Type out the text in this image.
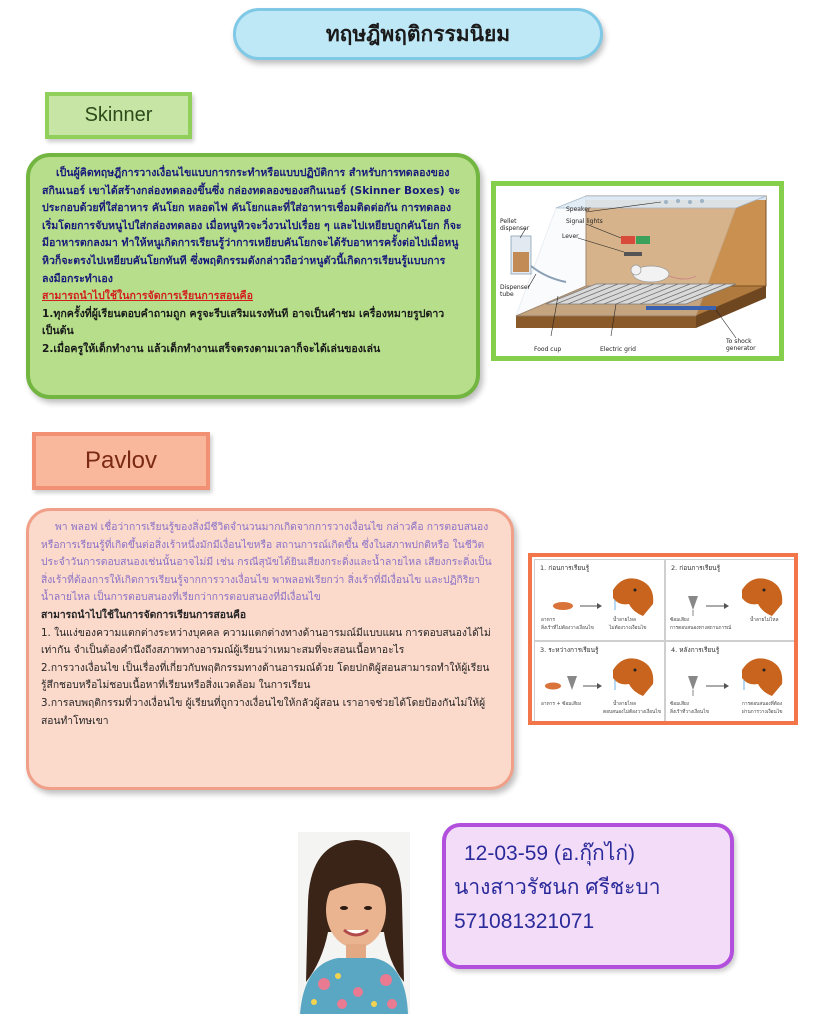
ทฤษฎีพฤติกรรมนิยม
Skinner

เป็นผู้คิดทฤษฎีการวางเงื่อนไขแบบการกระทำหรือแบบปฏิบัติการ สำหรับการทดลองของสกินเนอร์ เขาได้สร้างกล่องทดลองขึ้นซึ่ง กล่องทดลองของสกินเนอร์ (Skinner Boxes) จะประกอบด้วยที่ใส่อาหาร คันโยก หลอดไฟ คันโยกและที่ใส่อาหารเชื่อมติดต่อกัน การทดลองเริ่มโดยการจับหนูไปใส่กล่องทดลอง เมื่อหนูหิวจะวิ่งวนไปเรื่อย ๆ และไปเหยียบถูกคันโยก ก็จะมีอาหารตกลงมา ทำให้หนูเกิดการเรียนรู้ว่าการเหยียบคันโยกจะได้รับอาหารครั้งต่อไปเมื่อหนูหิวก็จะตรงไปเหยียบคันโยกทันที ซึ่งพฤติกรรมดังกล่าวถือว่าหนูตัวนี้เกิดการเรียนรู้แบบการลงมือกระทำเอง

สามารถนำไปใช้ในการจัดการเรียนการสอนคือ

1.ทุกครั้งที่ผู้เรียนตอบคำถามถูก ครูจะรีบเสริมแรงทันที อาจเป็นคำชม เครื่องหมายรูปดาว เป็นต้น

2.เมื่อครูให้เด็กทำงาน แล้วเด็กทำงานเสร็จตรงตามเวลาก็จะได้เล่นของเล่น

Speaker
Signal lights
Lever
Pellet dispenser
Dispenser tube
Food cup	Electric grid
To shock generator
Pavlov

พา พลอฟ เชื่อว่าการเรียนรู้ของสิ่งมีชีวิตจำนวนมากเกิดจากการวางเงื่อนไข กล่าวคือ การตอบสนองหรือการเรียนรู้ที่เกิดขึ้นต่อสิ่งเร้าหนึ่งมักมีเงื่อนไขหรือ สถานการณ์เกิดขึ้น ซึ่งในสภาพปกติหรือ ในชีวิตประจำวันการตอบสนองเช่นนั้นอาจไม่มี เช่น กรณีสุนัขได้ยินเสียงกระดิ่งและน้ำลายไหล เสียงกระดิ่งเป็นสิ่งเร้าที่ต้องการให้เกิดการเรียนรู้จากการวางเงื่อนไข พาพลอฟเรียกว่า สิ่งเร้าที่มีเงื่อนไข และปฏิกิริยาน้ำลายไหล เป็นการตอบสนองที่เรียกว่าการตอบสนองที่มีเงื่อนไข

สามารถนำไปใช้ในการจัดการเรียนการสอนคือ

1. ในแง่ของความแตกต่างระหว่างบุคคล ความแตกต่างทางด้านอารมณ์มีแบบแผน การตอบสนองได้ไม่เท่ากัน จำเป็นต้องคำนึงถึงสภาพทางอารมณ์ผู้เรียนว่าเหมาะสมที่จะสอนเนื้อหาอะไร

2.การวางเงื่อนไข เป็นเรื่องที่เกี่ยวกับพฤติกรรมทางด้านอารมณ์ด้วย โดยปกติผู้สอนสามารถทำให้ผู้เรียนรู้สึกชอบหรือไม่ชอบเนื้อหาที่เรียนหรือสิ่งแวดล้อม ในการเรียน

3.การลบพฤติกรรมที่วางเงื่อนไข ผู้เรียนที่ถูกวางเงื่อนไขให้กลัวผู้สอน เราอาจช่วยได้โดยป้องกันไม่ให้ผู้สอนทำโทษเขา

1. ก่อนการเรียนรู้
อาหาร
สิ่งเร้าที่ไม่ต้องวางเงื่อนไข
น้ำลายไหล
ไม่ต้องวางเงื่อนไข
2. ก่อนการเรียนรู้
ซ้อมเสียง
การตอบสนองทางสถานการณ์
น้ำลายไม่ไหล
3. ระหว่างการเรียนรู้
อาหาร + ซ้อมเสียง	น้ำลายไหล
ตอบสนองไม่ต้องวางเงื่อนไข
4. หลังการเรียนรู้
ซ้อมเสียง
สิ่งเร้าที่วางเงื่อนไข
การตอบสนองที่ต้อง
ผ่านการวางเงื่อนไข
12-03-59 (อ.กุ๊กไก่)
นางสาวรัชนก ศรีชะบา
571081321071
